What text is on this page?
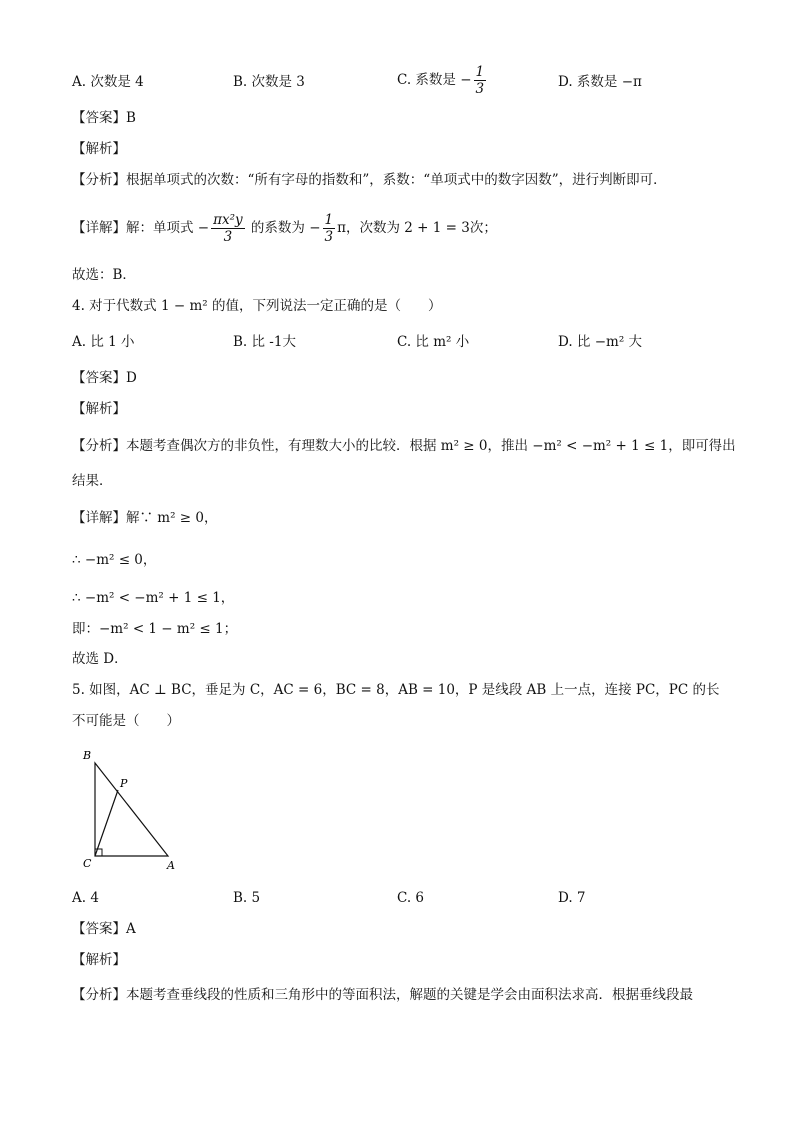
A. 次数是 4	B. 次数是 3	C. 系数是 − $\frac{1}{3}$	D. 系数是 −π
【答案】B
【解析】
【分析】根据单项式的次数：“所有字母的指数和”，系数：“单项式中的数字因数”，进行判断即可．
【详解】解：单项式 − $\frac{\text{πx²y}}{3}$ 的系数为 − $\frac{1}{3}$ π，次数为 2 + 1 = 3次；
故选：B．
4. 对于代数式 1 − m² 的值，下列说法一定正确的是（　　）
A. 比 1 小	B. 比 -1大	C. 比 m² 小	D. 比 −m² 大
【答案】D
【解析】
【分析】本题考查偶次方的非负性，有理数大小的比较．根据 m² ≥ 0，推出 −m² < −m² + 1 ≤ 1，即可得出
结果．
【详解】解∵ m² ≥ 0，
∴ −m² ≤ 0，
∴ −m² < −m² + 1 ≤ 1，
即：−m² < 1 − m² ≤ 1；
故选 D．
5. 如图，AC ⊥ BC，垂足为 C，AC = 6，BC = 8，AB = 10，P 是线段 AB 上一点，连接 PC，PC 的长
不可能是（　　）
B
P
C	A
A. 4	B. 5	C. 6	D. 7
【答案】A
【解析】
【分析】本题考查垂线段的性质和三角形中的等面积法，解题的关键是学会由面积法求高．根据垂线段最
